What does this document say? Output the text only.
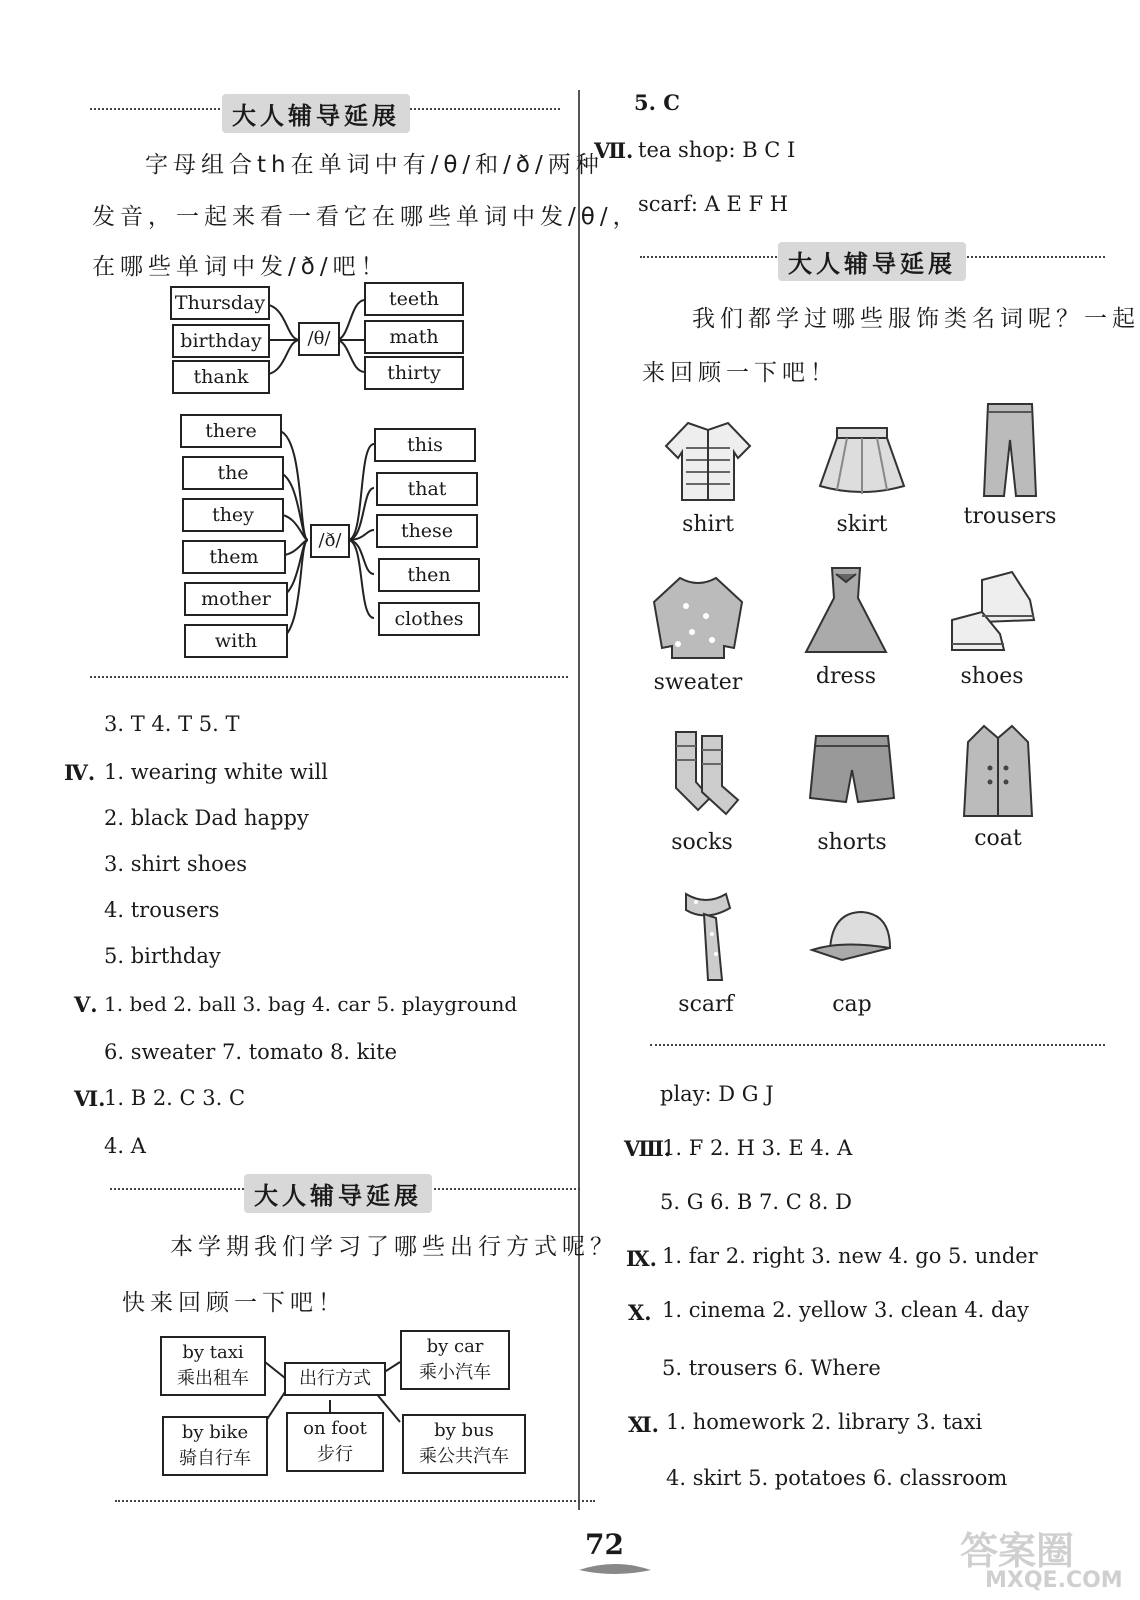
大人辅导延展
字母组合th在单词中有/θ/和/ð/两种
发音，一起来看一看它在哪些单词中发/θ/，
在哪些单词中发/ð/吧！
Thursday
birthday
thank
/θ/
teeth
math
thirty
there
the
they
them
mother
with
/ð/
this
that
these
then
clothes
3. T 4. T 5. T
Ⅳ. 1. wearing white will
2. black Dad happy
3. shirt shoes
4. trousers
5. birthday
Ⅴ. 1. bed 2. ball 3. bag 4. car 5. playground
6. sweater 7. tomato 8. kite
Ⅵ.
1. B 2. C 3. C
4. A
大人辅导延展
本学期我们学习了哪些出行方式呢？
快来回顾一下吧！
by taxi
乘出租车	出行方式
by car
乘小汽车
by bike
骑自行车
on foot
步行
by bus
乘公共汽车
5. C
Ⅶ. tea shop: B C I
scarf: A E F H
大人辅导延展
我们都学过哪些服饰类名词呢？一起
来回顾一下吧！
shirt	skirt	trousers
sweater	dress	shoes
socks	shorts	coat
scarf	cap
play: D G J
Ⅷ.
1. F 2. H 3. E 4. A
5. G 6. B 7. C 8. D
Ⅸ. 1. far 2. right 3. new 4. go 5. under
Ⅹ. 1. cinema 2. yellow 3. clean 4. day
5. trousers 6. Where
Ⅺ. 1. homework 2. library 3. taxi
4. skirt 5. potatoes 6. classroom
72	答案圈
MXQE.COM
